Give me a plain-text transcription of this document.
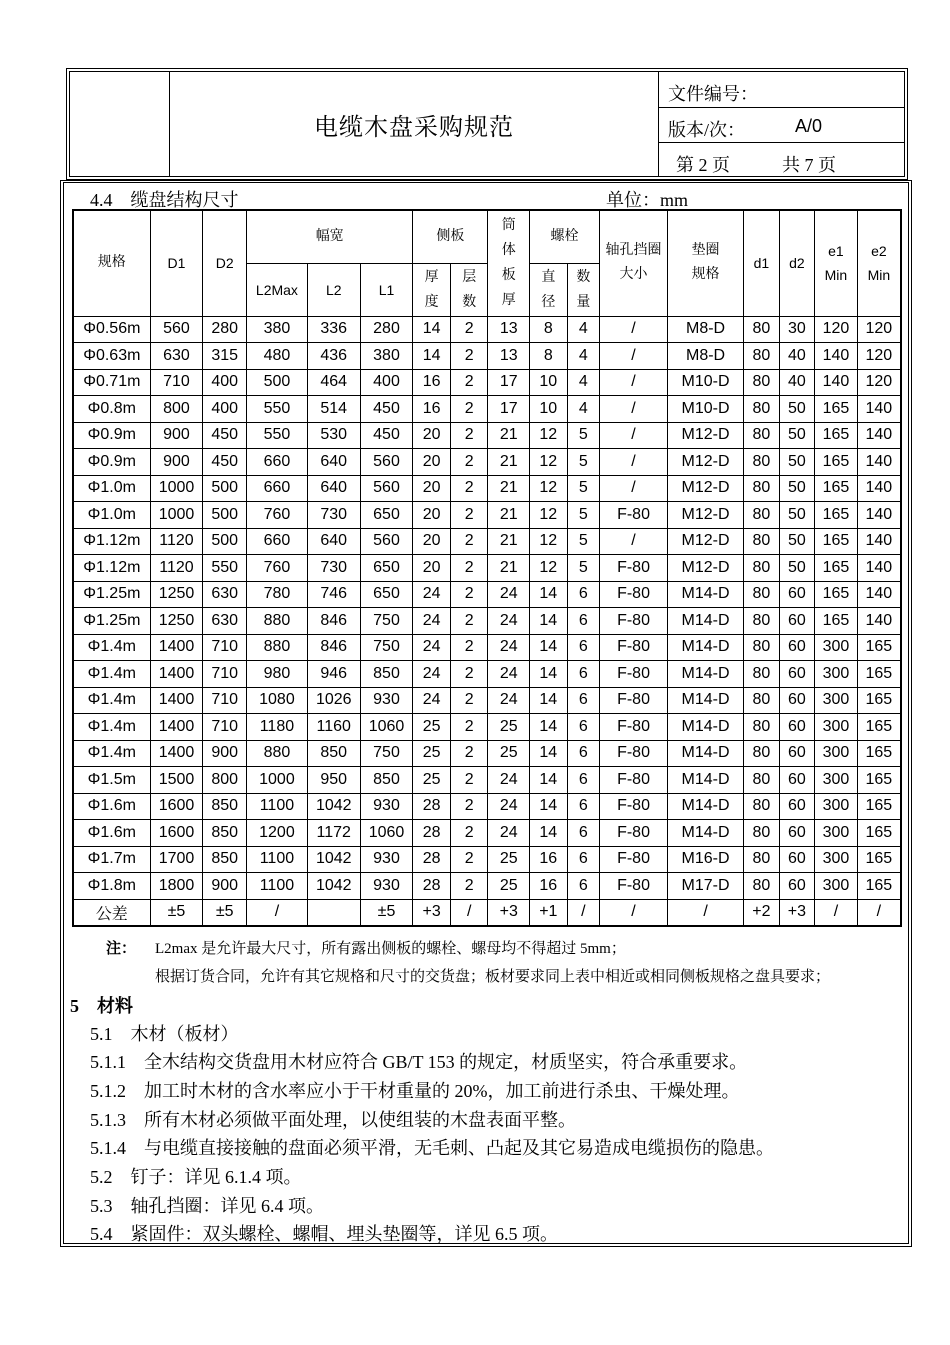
电缆木盘采购规范
文件编号：
版本/次：	A/0
第 2 页	共 7 页
4.4　缆盘结构尺寸	单位：mm
规格	D1	D2	幅宽			侧板		筒体板厚	螺栓		轴孔挡圈大小	垫圈规格	d1	d2	e1 Min	e2 Min

			L2Max	L2	L1	厚度	层数		直径	数量						

Φ0.56m	560	280	380	336	280	14	2	13	8	4	/	M8-D	80	30	120	120
Φ0.63m	630	315	480	436	380	14	2	13	8	4	/	M8-D	80	40	140	120
Φ0.71m	710	400	500	464	400	16	2	17	10	4	/	M10-D	80	40	140	120
Φ0.8m	800	400	550	514	450	16	2	17	10	4	/	M10-D	80	50	165	140
Φ0.9m	900	450	550	530	450	20	2	21	12	5	/	M12-D	80	50	165	140
Φ0.9m	900	450	660	640	560	20	2	21	12	5	/	M12-D	80	50	165	140
Φ1.0m	1000	500	660	640	560	20	2	21	12	5	/	M12-D	80	50	165	140
Φ1.0m	1000	500	760	730	650	20	2	21	12	5	F-80	M12-D	80	50	165	140
Φ1.12m	1120	500	660	640	560	20	2	21	12	5	/	M12-D	80	50	165	140
Φ1.12m	1120	550	760	730	650	20	2	21	12	5	F-80	M12-D	80	50	165	140
Φ1.25m	1250	630	780	746	650	24	2	24	14	6	F-80	M14-D	80	60	165	140
Φ1.25m	1250	630	880	846	750	24	2	24	14	6	F-80	M14-D	80	60	165	140
Φ1.4m	1400	710	880	846	750	24	2	24	14	6	F-80	M14-D	80	60	300	165
Φ1.4m	1400	710	980	946	850	24	2	24	14	6	F-80	M14-D	80	60	300	165
Φ1.4m	1400	710	1080	1026	930	24	2	24	14	6	F-80	M14-D	80	60	300	165
Φ1.4m	1400	710	1180	1160	1060	25	2	25	14	6	F-80	M14-D	80	60	300	165
Φ1.4m	1400	900	880	850	750	25	2	25	14	6	F-80	M14-D	80	60	300	165
Φ1.5m	1500	800	1000	950	850	25	2	24	14	6	F-80	M14-D	80	60	300	165
Φ1.6m	1600	850	1100	1042	930	28	2	24	14	6	F-80	M14-D	80	60	300	165
Φ1.6m	1600	850	1200	1172	1060	28	2	24	14	6	F-80	M14-D	80	60	300	165
Φ1.7m	1700	850	1100	1042	930	28	2	25	16	6	F-80	M16-D	80	60	300	165
Φ1.8m	1800	900	1100	1042	930	28	2	25	16	6	F-80	M17-D	80	60	300	165
公差	±5	±5	/		±5	+3	/	+3	+1	/	/	/	+2	+3	/	/
注： L2max 是允许最大尺寸，所有露出侧板的螺栓、螺母均不得超过 5mm；
根据订货合同，允许有其它规格和尺寸的交货盘；板材要求同上表中相近或相同侧板规格之盘具要求；
5　材料
5.1　木材（板材）
5.1.1　全木结构交货盘用木材应符合 GB/T 153 的规定，材质坚实，符合承重要求。
5.1.2　加工时木材的含水率应小于干材重量的 20%，加工前进行杀虫、干燥处理。
5.1.3　所有木材必须做平面处理，以使组装的木盘表面平整。
5.1.4　与电缆直接接触的盘面必须平滑，无毛刺、凸起及其它易造成电缆损伤的隐患。
5.2　钉子：详见 6.1.4 项。
5.3　轴孔挡圈：详见 6.4 项。
5.4　紧固件：双头螺栓、螺帽、埋头垫圈等，详见 6.5 项。
